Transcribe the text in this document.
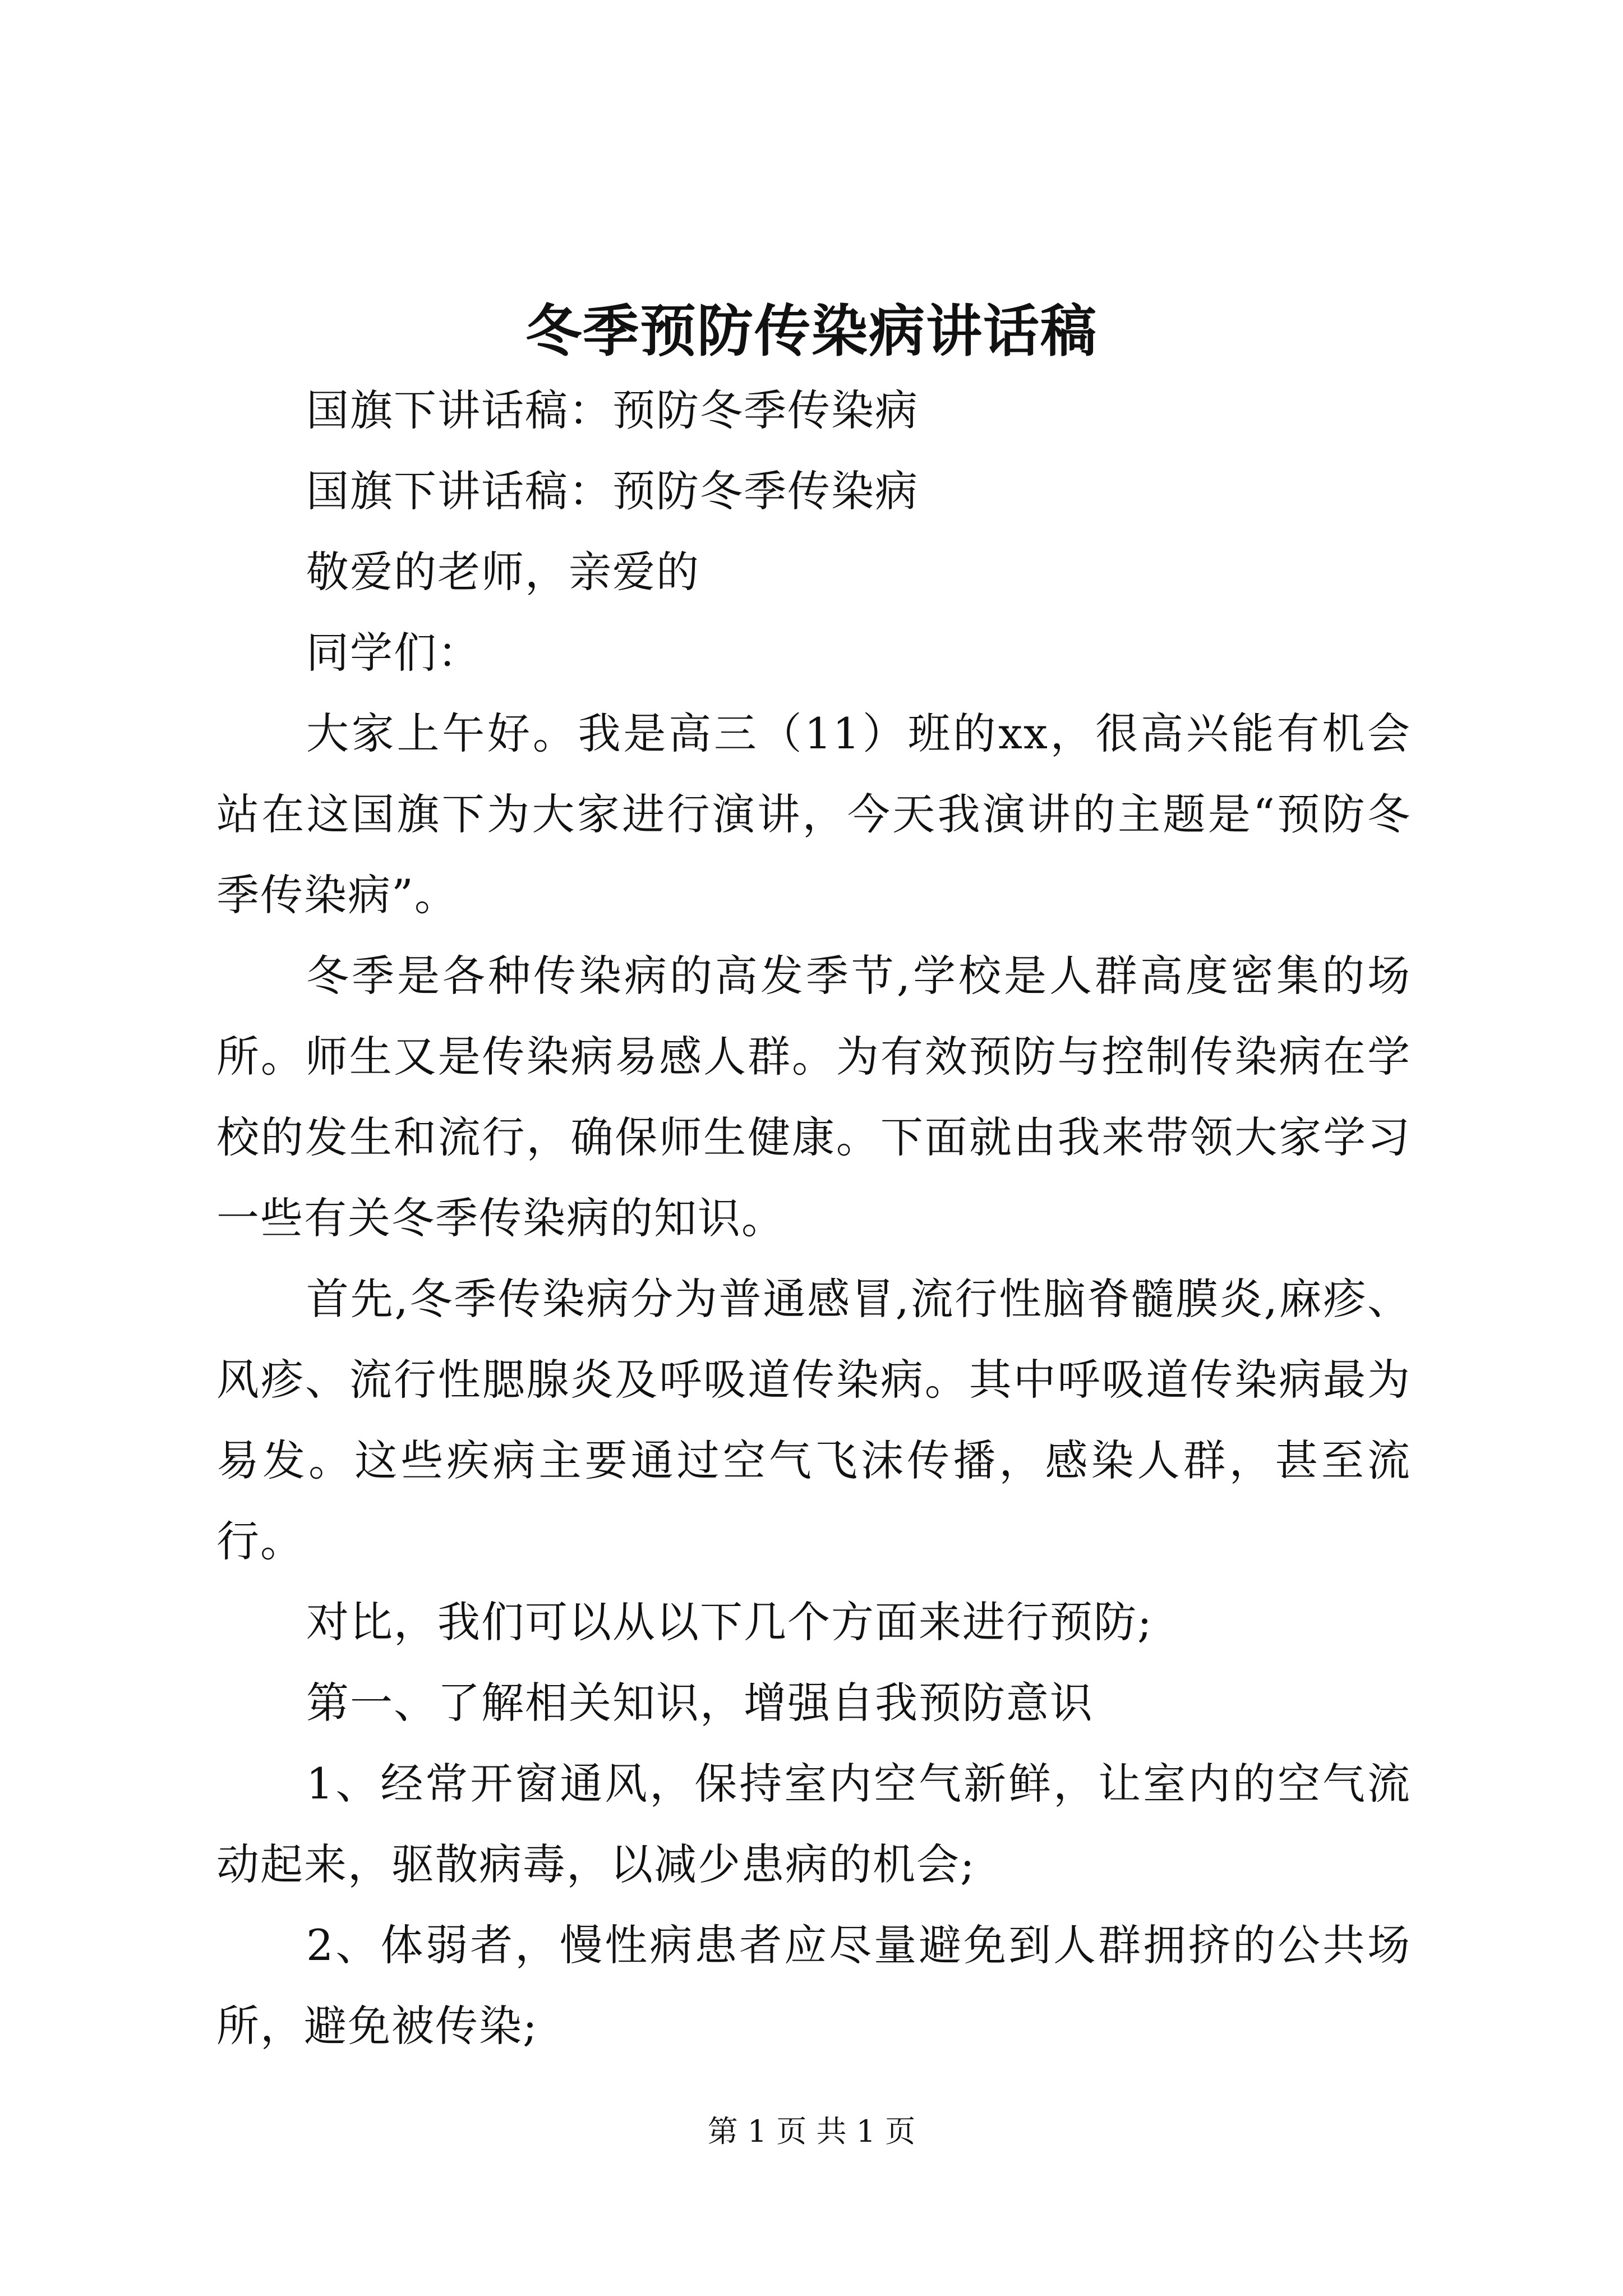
冬季预防传染病讲话稿

国旗下讲话稿：预防冬季传染病

国旗下讲话稿：预防冬季传染病

敬爱的老师，亲爱的

同学们：

大家上午好。我是高三（11）班的xx，很高兴能有机会站在这国旗下为大家进行演讲，今天我演讲的主题是“预防冬季传染病”。

冬季是各种传染病的高发季节,学校是人群高度密集的场所。师生又是传染病易感人群。为有效预防与控制传染病在学校的发生和流行，确保师生健康。下面就由我来带领大家学习一些有关冬季传染病的知识。

首先,冬季传染病分为普通感冒,流行性脑脊髓膜炎,麻疹、风疹、流行性腮腺炎及呼吸道传染病。其中呼吸道传染病最为易发。这些疾病主要通过空气飞沫传播，感染人群，甚至流行。

对比，我们可以从以下几个方面来进行预防;

第一、了解相关知识，增强自我预防意识

1、经常开窗通风，保持室内空气新鲜，让室内的空气流动起来，驱散病毒，以减少患病的机会;

2、体弱者，慢性病患者应尽量避免到人群拥挤的公共场所，避免被传染;

第 1 页 共 1 页
